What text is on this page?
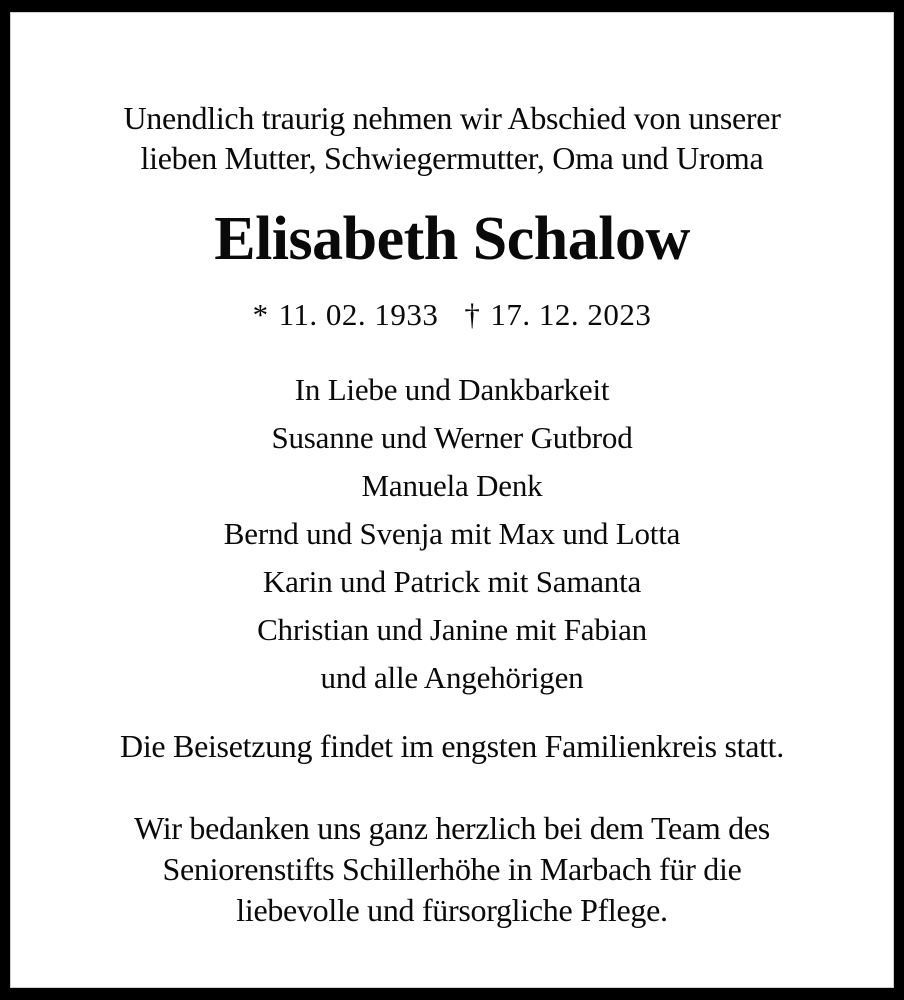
Unendlich traurig nehmen wir Abschied von unserer
lieben Mutter, Schwiegermutter, Oma und Uroma
Elisabeth Schalow
* 11. 02. 1933 † 17. 12. 2023
In Liebe und Dankbarkeit
Susanne und Werner Gutbrod
Manuela Denk
Bernd und Svenja mit Max und Lotta
Karin und Patrick mit Samanta
Christian und Janine mit Fabian
und alle Angehörigen
Die Beisetzung findet im engsten Familienkreis statt.
Wir bedanken uns ganz herzlich bei dem Team des
Seniorenstifts Schillerhöhe in Marbach für die
liebevolle und fürsorgliche Pflege.
